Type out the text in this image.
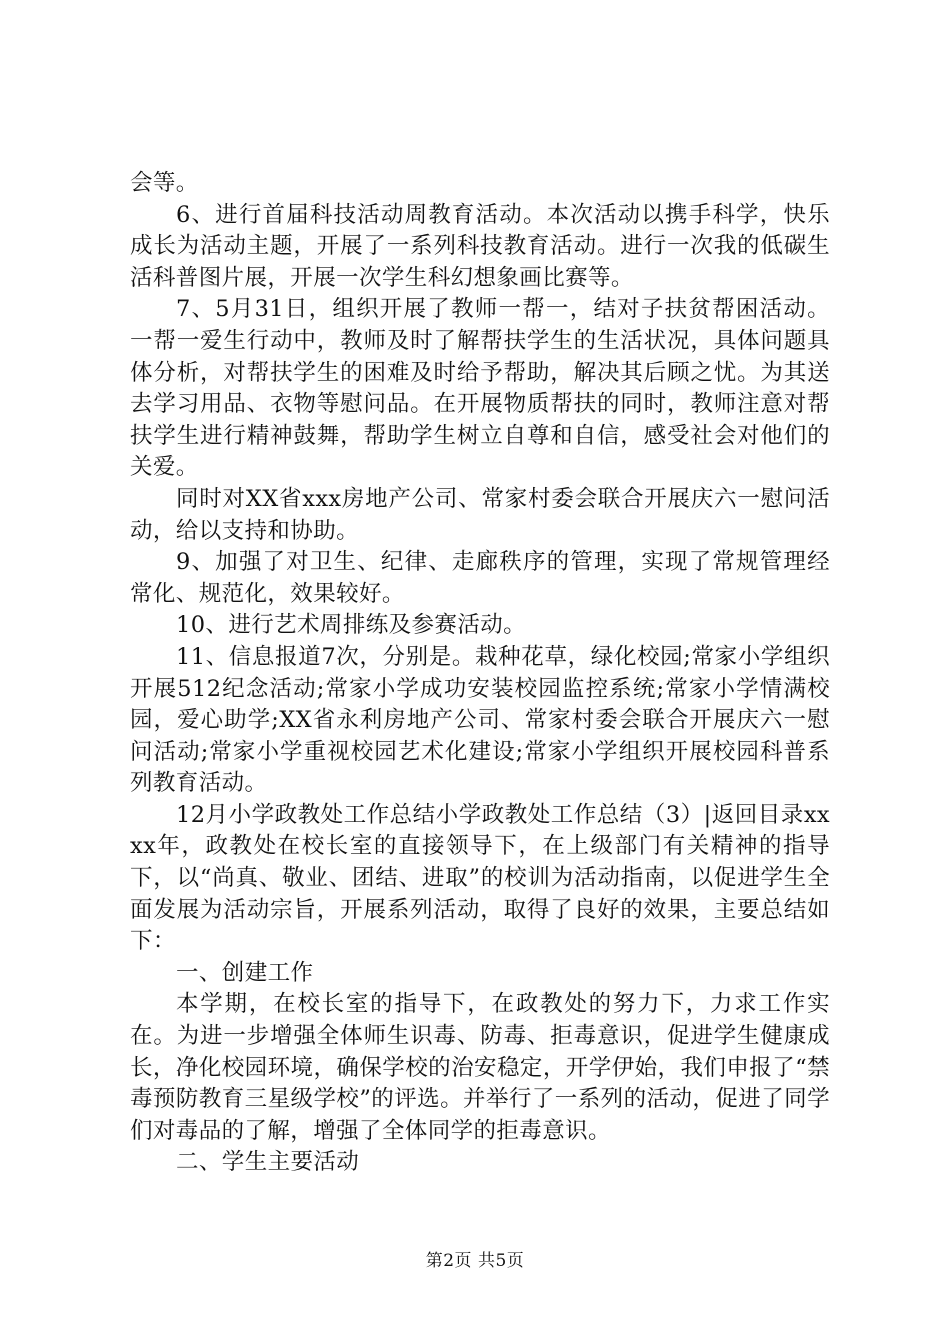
会等。

6、进行首届科技活动周教育活动。本次活动以携手科学，快乐成长为活动主题，开展了一系列科技教育活动。进行一次我的低碳生活科普图片展，开展一次学生科幻想象画比赛等。

7、5月31日，组织开展了教师一帮一，结对子扶贫帮困活动。一帮一爱生行动中，教师及时了解帮扶学生的生活状况，具体问题具体分析，对帮扶学生的困难及时给予帮助，解决其后顾之忧。为其送去学习用品、衣物等慰问品。在开展物质帮扶的同时，教师注意对帮扶学生进行精神鼓舞，帮助学生树立自尊和自信，感受社会对他们的关爱。

同时对XX省xxx房地产公司、常家村委会联合开展庆六一慰问活动，给以支持和协助。

9、加强了对卫生、纪律、走廊秩序的管理，实现了常规管理经常化、规范化，效果较好。

10、进行艺术周排练及参赛活动。

11、信息报道7次，分别是。栽种花草，绿化校园;常家小学组织开展512纪念活动;常家小学成功安装校园监控系统;常家小学情满校园，爱心助学;XX省永利房地产公司、常家村委会联合开展庆六一慰问活动;常家小学重视校园艺术化建设;常家小学组织开展校园科普系列教育活动。

12月小学政教处工作总结小学政教处工作总结（3）|返回目录xxxx年，政教处在校长室的直接领导下，在上级部门有关精神的指导下，以“尚真、敬业、团结、进取”的校训为活动指南，以促进学生全面发展为活动宗旨，开展系列活动，取得了良好的效果，主要总结如下：

一、创建工作

本学期，在校长室的指导下，在政教处的努力下，力求工作实在。为进一步增强全体师生识毒、防毒、拒毒意识，促进学生健康成长，净化校园环境，确保学校的治安稳定，开学伊始，我们申报了“禁毒预防教育三星级学校”的评选。并举行了一系列的活动，促进了同学们对毒品的了解，增强了全体同学的拒毒意识。

二、学生主要活动

第2页 共5页
